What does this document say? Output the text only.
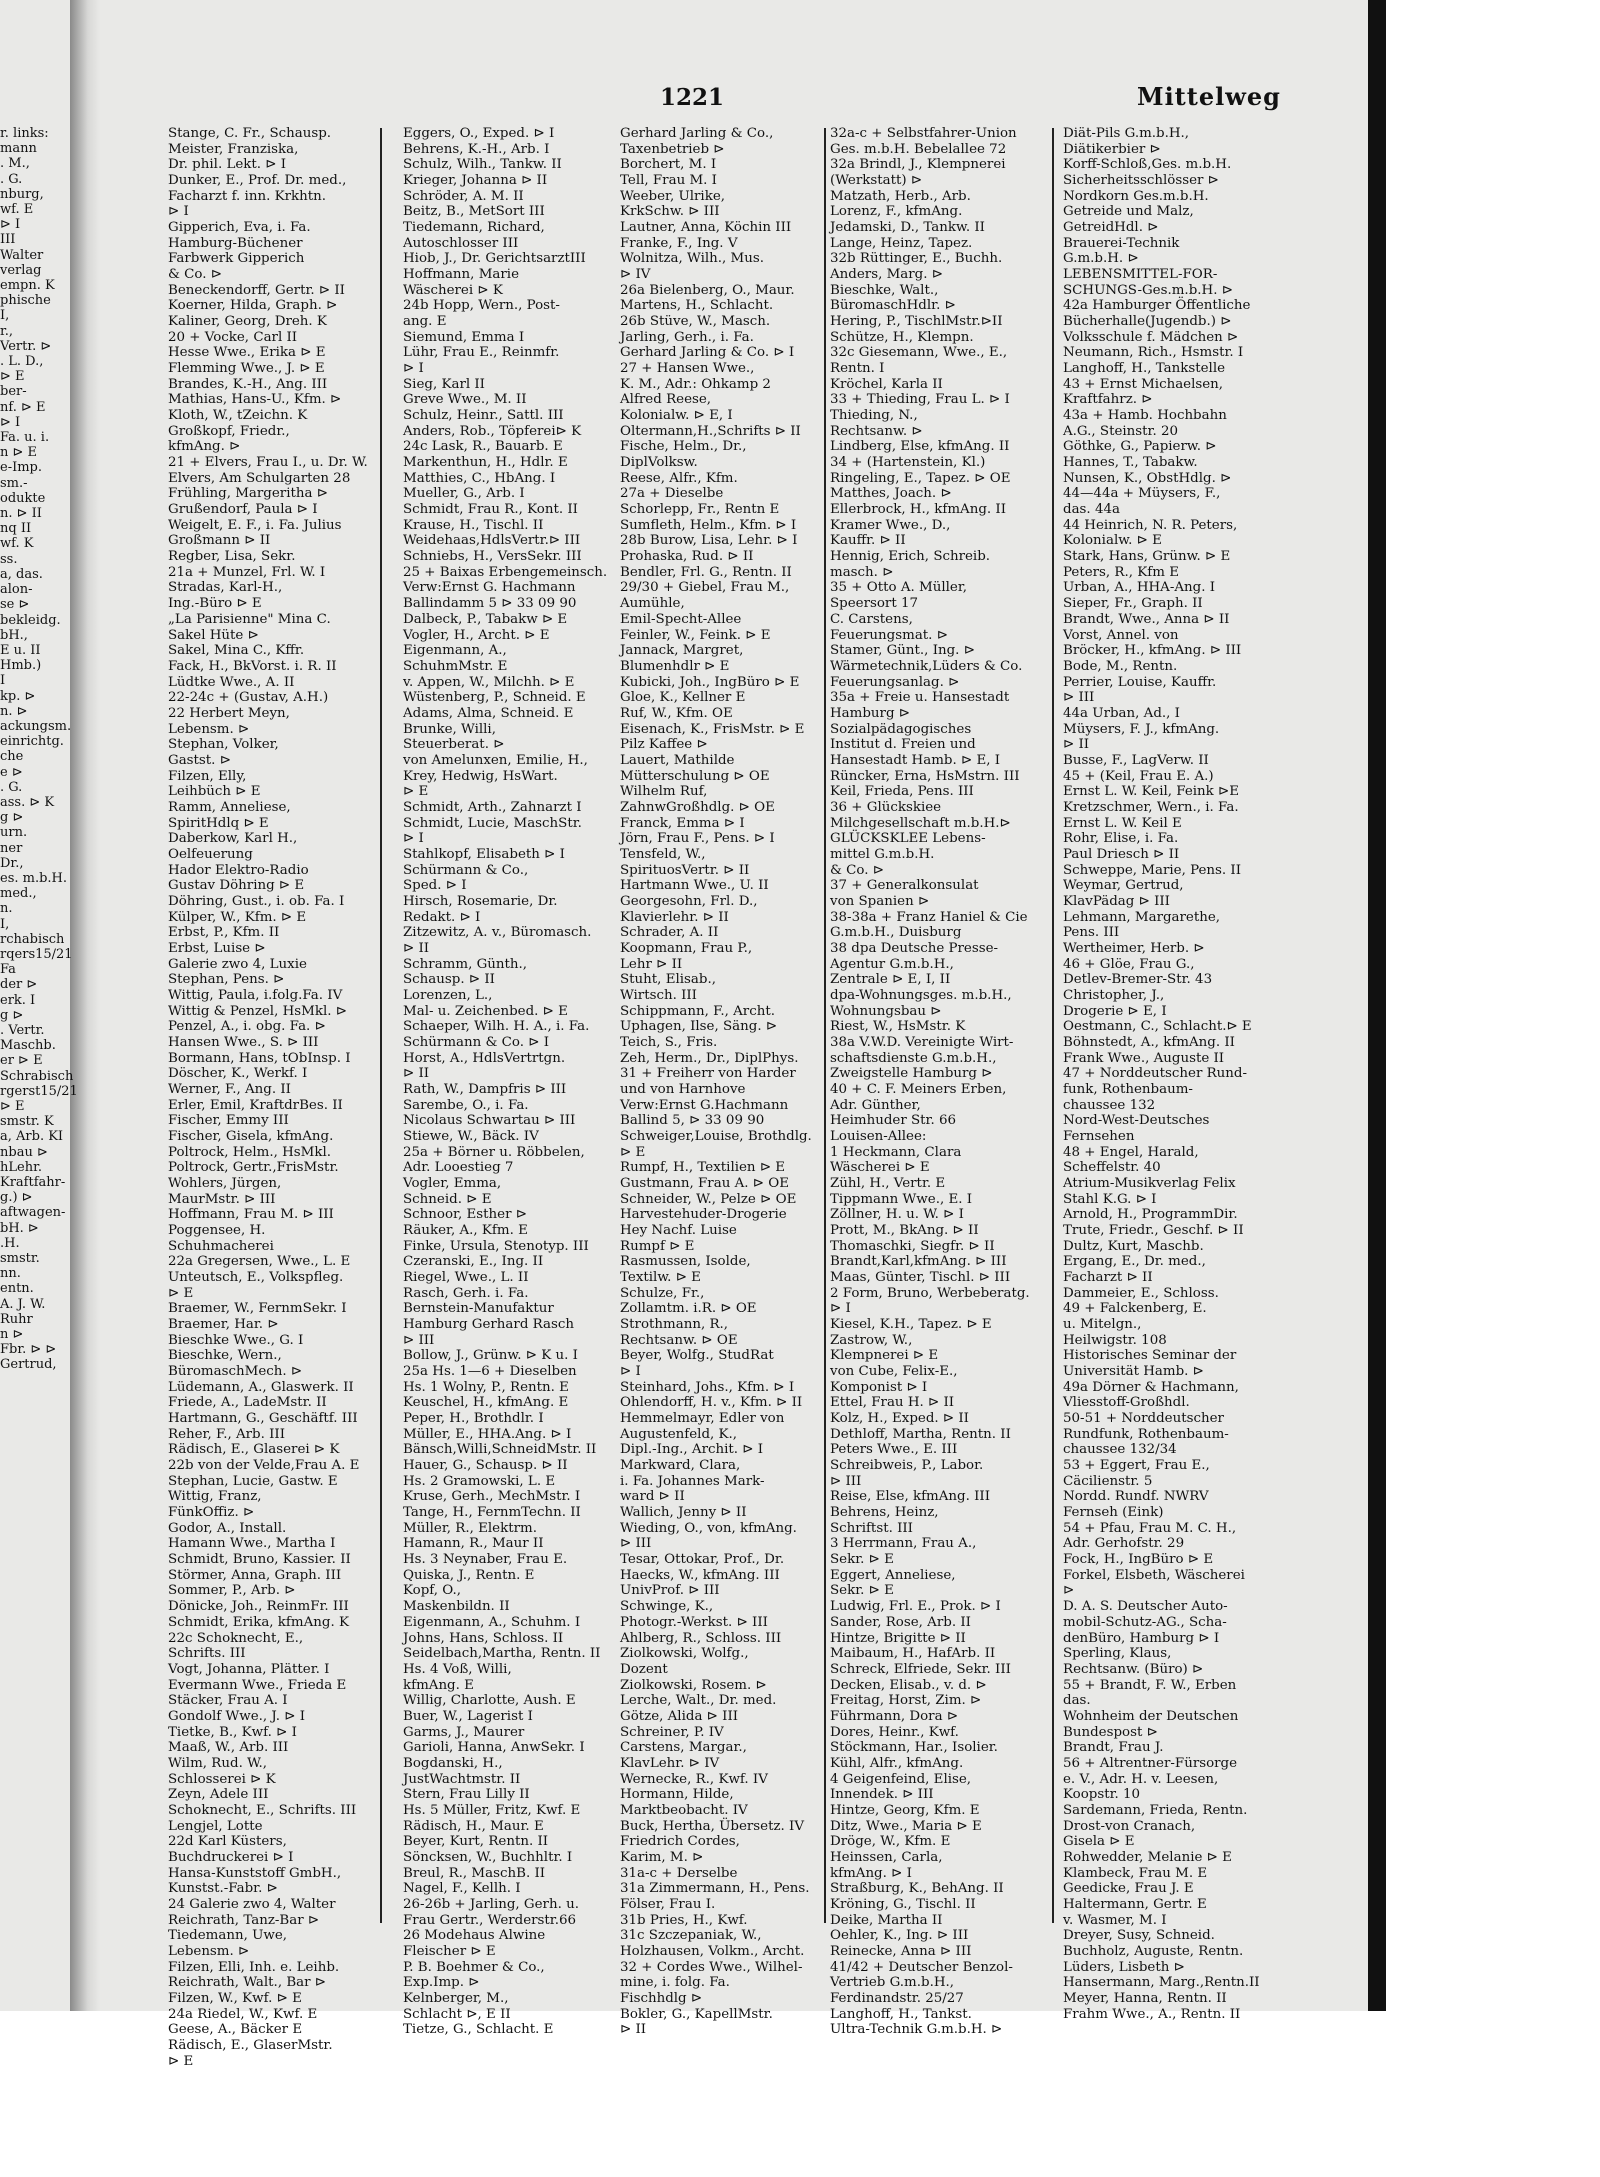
1221	Mittelweg
r. links:
mann
. M.,
. G.
nburg,
wf. E
⊳ I
III
Walter
verlag
empn. K
phische
I,
r.,
Vertr. ⊳
. L. D.,
⊳ E
ber-
nf. ⊳ E
⊳ I
Fa. u. i.
n ⊳ E
e-Imp.
sm.-
odukte
n. ⊳ II
nq II
wf. K
ss.
a, das.
alon-
se ⊳
bekleidg.
bH.,
E u. II
Hmb.)
I
kp. ⊳
n. ⊳
ackungsm.
einrichtg.
che
e ⊳
. G.
ass. ⊳ K
g ⊳
urn.
ner
Dr.,
es. m.b.H.
med.,
n.
I,
rchabisch
rqers15/21
Fa
der ⊳
erk. I
g ⊳
. Vertr.
Maschb.
er ⊳ E
Schrabisch
rgerst15/21
⊳ E
smstr. K
a, Arb. KI
nbau ⊳
hLehr.
Kraftfahr-
g.) ⊳
aftwagen-
bH. ⊳
.H.
smstr.
nn.
entn.
A. J. W.
Ruhr
n ⊳
Fbr. ⊳ ⊳
Gertrud,
Stange, C. Fr., Schausp.
Meister, Franziska,
Dr. phil. Lekt. ⊳ I
Dunker, E., Prof. Dr. med.,
Facharzt f. inn. Krkhtn.
⊳ I
Gipperich, Eva, i. Fa.
Hamburg-Büchener
Farbwerk Gipperich
& Co. ⊳
Beneckendorff, Gertr. ⊳ II
Koerner, Hilda, Graph. ⊳
Kaliner, Georg, Dreh. K
20 + Vocke, Carl II
Hesse Wwe., Erika ⊳ E
Flemming Wwe., J. ⊳ E
Brandes, K.-H., Ang. III
Mathias, Hans-U., Kfm. ⊳
Kloth, W., tZeichn. K
Großkopf, Friedr.,
kfmAng. ⊳
21 + Elvers, Frau I., u. Dr. W.
Elvers, Am Schulgarten 28
Frühling, Margeritha ⊳
Grußendorf, Paula ⊳ I
Weigelt, E. F., i. Fa. Julius
Großmann ⊳ II
Regber, Lisa, Sekr.
21a + Munzel, Frl. W. I
Stradas, Karl-H.,
Ing.-Büro ⊳ E
„La Parisienne" Mina C.
Sakel Hüte ⊳
Sakel, Mina C., Kffr.
Fack, H., BkVorst. i. R. II
Lüdtke Wwe., A. II
22-24c + (Gustav, A.H.)
22 Herbert Meyn,
Lebensm. ⊳
Stephan, Volker,
Gastst. ⊳
Filzen, Elly,
Leihbüch ⊳ E
Ramm, Anneliese,
SpiritHdlq ⊳ E
Daberkow, Karl H.,
Oelfeuerung
Hador Elektro-Radio
Gustav Döhring ⊳ E
Döhring, Gust., i. ob. Fa. I
Külper, W., Kfm. ⊳ E
Erbst, P., Kfm. II
Erbst, Luise ⊳
Galerie zwo 4, Luxie
Stephan, Pens. ⊳
Wittig, Paula, i.folg.Fa. IV
Wittig & Penzel, HsMkl. ⊳
Penzel, A., i. obg. Fa. ⊳
Hansen Wwe., S. ⊳ III
Bormann, Hans, tObInsp. I
Döscher, K., Werkf. I
Werner, F., Ang. II
Erler, Emil, KraftdrBes. II
Fischer, Emmy III
Fischer, Gisela, kfmAng.
Poltrock, Helm., HsMkl.
Poltrock, Gertr.,FrisMstr.
Wohlers, Jürgen,
MaurMstr. ⊳ III
Hoffmann, Frau M. ⊳ III
Poggensee, H.
Schuhmacherei
22a Gregersen, Wwe., L. E
Unteutsch, E., Volkspfleg.
⊳ E
Braemer, W., FernmSekr. I
Braemer, Har. ⊳
Bieschke Wwe., G. I
Bieschke, Wern.,
BüromaschMech. ⊳
Lüdemann, A., Glaswerk. II
Friede, A., LadeMstr. II
Hartmann, G., Geschäftf. III
Reher, F., Arb. III
Rädisch, E., Glaserei ⊳ K
22b von der Velde,Frau A. E
Stephan, Lucie, Gastw. E
Wittig, Franz,
FünkOffiz. ⊳
Godor, A., Install.
Hamann Wwe., Martha I
Schmidt, Bruno, Kassier. II
Störmer, Anna, Graph. III
Sommer, P., Arb. ⊳
Dönicke, Joh., ReinmFr. III
Schmidt, Erika, kfmAng. K
22c Schoknecht, E.,
Schrifts. III
Vogt, Johanna, Plätter. I
Evermann Wwe., Frieda E
Stäcker, Frau A. I
Gondolf Wwe., J. ⊳ I
Tietke, B., Kwf. ⊳ I
Maaß, W., Arb. III
Wilm, Rud. W.,
Schlosserei ⊳ K
Zeyn, Adele III
Schoknecht, E., Schrifts. III
Lengjel, Lotte
22d Karl Küsters,
Buchdruckerei ⊳ I
Hansa-Kunststoff GmbH.,
Kunstst.-Fabr. ⊳
24 Galerie zwo 4, Walter
Reichrath, Tanz-Bar ⊳
Tiedemann, Uwe,
Lebensm. ⊳
Filzen, Elli, Inh. e. Leihb.
Reichrath, Walt., Bar ⊳
Filzen, W., Kwf. ⊳ E
24a Riedel, W., Kwf. E
Geese, A., Bäcker E
Rädisch, E., GlaserMstr.
⊳ E
Eggers, O., Exped. ⊳ I
Behrens, K.-H., Arb. I
Schulz, Wilh., Tankw. II
Krieger, Johanna ⊳ II
Schröder, A. M. II
Beitz, B., MetSort III
Tiedemann, Richard,
Autoschlosser III
Hiob, J., Dr. GerichtsarztIII
Hoffmann, Marie
Wäscherei ⊳ K
24b Hopp, Wern., Post-
ang. E
Siemund, Emma I
Lühr, Frau E., Reinmfr.
⊳ I
Sieg, Karl II
Greve Wwe., M. II
Schulz, Heinr., Sattl. III
Anders, Rob., Töpferei⊳ K
24c Lask, R., Bauarb. E
Markenthun, H., Hdlr. E
Matthies, C., HbAng. I
Mueller, G., Arb. I
Schmidt, Frau R., Kont. II
Krause, H., Tischl. II
Weidehaas,HdlsVertr.⊳ III
Schniebs, H., VersSekr. III
25 + Baixas Erbengemeinsch.
Verw:Ernst G. Hachmann
Ballindamm 5 ⊳ 33 09 90
Dalbeck, P., Tabakw ⊳ E
Vogler, H., Archt. ⊳ E
Eigenmann, A.,
SchuhmMstr. E
v. Appen, W., Milchh. ⊳ E
Wüstenberg, P., Schneid. E
Adams, Alma, Schneid. E
Brunke, Willi,
Steuerberat. ⊳
von Amelunxen, Emilie, H.,
Krey, Hedwig, HsWart.
⊳ E
Schmidt, Arth., Zahnarzt I
Schmidt, Lucie, MaschStr.
⊳ I
Stahlkopf, Elisabeth ⊳ I
Schürmann & Co.,
Sped. ⊳ I
Hirsch, Rosemarie, Dr.
Redakt. ⊳ I
Zitzewitz, A. v., Büromasch.
⊳ II
Schramm, Günth.,
Schausp. ⊳ II
Lorenzen, L.,
Mal- u. Zeichenbed. ⊳ E
Schaeper, Wilh. H. A., i. Fa.
Schürmann & Co. ⊳ I
Horst, A., HdlsVertrtgn.
⊳ II
Rath, W., Dampfris ⊳ III
Sarembe, O., i. Fa.
Nicolaus Schwartau ⊳ III
Stiewe, W., Bäck. IV
25a + Börner u. Röbbelen,
Adr. Looestieg 7
Vogler, Emma,
Schneid. ⊳ E
Schnoor, Esther ⊳
Räuker, A., Kfm. E
Finke, Ursula, Stenotyp. III
Czeranski, E., Ing. II
Riegel, Wwe., L. II
Rasch, Gerh. i. Fa.
Bernstein-Manufaktur
Hamburg Gerhard Rasch
⊳ III
Bollow, J., Grünw. ⊳ K u. I
25a Hs. 1—6 + Dieselben
Hs. 1 Wolny, P., Rentn. E
Keuschel, H., kfmAng. E
Peper, H., Brothdlr. I
Müller, E., HHA.Ang. ⊳ I
Bänsch,Willi,SchneidMstr. II
Hauer, G., Schausp. ⊳ II
Hs. 2 Gramowski, L. E
Kruse, Gerh., MechMstr. I
Tange, H., FernmTechn. II
Müller, R., Elektrm.
Hamann, R., Maur II
Hs. 3 Neynaber, Frau E.
Quiska, J., Rentn. E
Kopf, O.,
Maskenbildn. II
Eigenmann, A., Schuhm. I
Johns, Hans, Schloss. II
Seidelbach,Martha, Rentn. II
Hs. 4 Voß, Willi,
kfmAng. E
Willig, Charlotte, Aush. E
Buer, W., Lagerist I
Garms, J., Maurer
Garioli, Hanna, AnwSekr. I
Bogdanski, H.,
JustWachtmstr. II
Stern, Frau Lilly II
Hs. 5 Müller, Fritz, Kwf. E
Rädisch, H., Maur. E
Beyer, Kurt, Rentn. II
Söncksen, W., Buchhltr. I
Breul, R., MaschB. II
Nagel, F., Kellh. I
26-26b + Jarling, Gerh. u.
Frau Gertr., Werderstr.66
26 Modehaus Alwine
Fleischer ⊳ E
P. B. Boehmer & Co.,
Exp.Imp. ⊳
Kelnberger, M.,
Schlacht ⊳, E II
Tietze, G., Schlacht. E
Gerhard Jarling & Co.,
Taxenbetrieb ⊳
Borchert, M. I
Tell, Frau M. I
Weeber, Ulrike,
KrkSchw. ⊳ III
Lautner, Anna, Köchin III
Franke, F., Ing. V
Wolnitza, Wilh., Mus.
⊳ IV
26a Bielenberg, O., Maur.
Martens, H., Schlacht.
26b Stüve, W., Masch.
Jarling, Gerh., i. Fa.
Gerhard Jarling & Co. ⊳ I
27 + Hansen Wwe.,
K. M., Adr.: Ohkamp 2
Alfred Reese,
Kolonialw. ⊳ E, I
Oltermann,H.,Schrifts ⊳ II
Fische, Helm., Dr.,
DiplVolksw.
Reese, Alfr., Kfm.
27a + Dieselbe
Schorlepp, Fr., Rentn E
Sumfleth, Helm., Kfm. ⊳ I
28b Burow, Lisa, Lehr. ⊳ I
Prohaska, Rud. ⊳ II
Bendler, Frl. G., Rentn. II
29/30 + Giebel, Frau M.,
Aumühle,
Emil-Specht-Allee
Feinler, W., Feink. ⊳ E
Jannack, Margret,
Blumenhdlr ⊳ E
Kubicki, Joh., IngBüro ⊳ E
Gloe, K., Kellner E
Ruf, W., Kfm. OE
Eisenach, K., FrisMstr. ⊳ E
Pilz Kaffee ⊳
Lauert, Mathilde
Mütterschulung ⊳ OE
Wilhelm Ruf,
ZahnwGroßhdlg. ⊳ OE
Franck, Emma ⊳ I
Jörn, Frau F., Pens. ⊳ I
Tensfeld, W.,
SpirituosVertr. ⊳ II
Hartmann Wwe., U. II
Georgesohn, Frl. D.,
Klavierlehr. ⊳ II
Schrader, A. II
Koopmann, Frau P.,
Lehr ⊳ II
Stuht, Elisab.,
Wirtsch. III
Schippmann, F., Archt.
Uphagen, Ilse, Säng. ⊳
Teich, S., Fris.
Zeh, Herm., Dr., DiplPhys.
31 + Freiherr von Harder
und von Harnhove
Verw:Ernst G.Hachmann
Ballind 5, ⊳ 33 09 90
Schweiger,Louise, Brothdlg.
⊳ E
Rumpf, H., Textilien ⊳ E
Gustmann, Frau A. ⊳ OE
Schneider, W., Pelze ⊳ OE
Harvestehuder-Drogerie
Hey Nachf. Luise
Rumpf ⊳ E
Rasmussen, Isolde,
Textilw. ⊳ E
Schulze, Fr.,
Zollamtm. i.R. ⊳ OE
Strothmann, R.,
Rechtsanw. ⊳ OE
Beyer, Wolfg., StudRat
⊳ I
Steinhard, Johs., Kfm. ⊳ I
Ohlendorff, H. v., Kfm. ⊳ II
Hemmelmayr, Edler von
Augustenfeld, K.,
Dipl.-Ing., Archit. ⊳ I
Markward, Clara,
i. Fa. Johannes Mark-
ward ⊳ II
Wallich, Jenny ⊳ II
Wieding, O., von, kfmAng.
⊳ III
Tesar, Ottokar, Prof., Dr.
Haecks, W., kfmAng. III
UnivProf. ⊳ III
Schwinge, K.,
Photogr.-Werkst. ⊳ III
Ahlberg, R., Schloss. III
Ziolkowski, Wolfg.,
Dozent
Ziolkowski, Rosem. ⊳
Lerche, Walt., Dr. med.
Götze, Alida ⊳ III
Schreiner, P. IV
Carstens, Margar.,
KlavLehr. ⊳ IV
Wernecke, R., Kwf. IV
Hormann, Hilde,
Marktbeobacht. IV
Buck, Hertha, Übersetz. IV
Friedrich Cordes,
Karim, M. ⊳
31a-c + Derselbe
31a Zimmermann, H., Pens.
Fölser, Frau I.
31b Pries, H., Kwf.
31c Szczepaniak, W.,
Holzhausen, Volkm., Archt.
32 + Cordes Wwe., Wilhel-
mine, i. folg. Fa.
Fischhdlg ⊳
Bokler, G., KapellMstr.
⊳ II
32a-c + Selbstfahrer-Union
Ges. m.b.H. Bebelallee 72
32a Brindl, J., Klempnerei
(Werkstatt) ⊳
Matzath, Herb., Arb.
Lorenz, F., kfmAng.
Jedamski, D., Tankw. II
Lange, Heinz, Tapez.
32b Rüttinger, E., Buchh.
Anders, Marg. ⊳
Bieschke, Walt.,
BüromaschHdlr. ⊳
Hering, P., TischlMstr.⊳II
Schütze, H., Klempn.
32c Giesemann, Wwe., E.,
Rentn. I
Kröchel, Karla II
33 + Thieding, Frau L. ⊳ I
Thieding, N.,
Rechtsanw. ⊳
Lindberg, Else, kfmAng. II
34 + (Hartenstein, Kl.)
Ringeling, E., Tapez. ⊳ OE
Matthes, Joach. ⊳
Ellerbrock, H., kfmAng. II
Kramer Wwe., D.,
Kauffr. ⊳ II
Hennig, Erich, Schreib.
masch. ⊳
35 + Otto A. Müller,
Speersort 17
C. Carstens,
Feuerungsmat. ⊳
Stamer, Günt., Ing. ⊳
Wärmetechnik,Lüders & Co.
Feuerungsanlag. ⊳
35a + Freie u. Hansestadt
Hamburg ⊳
Sozialpädagogisches
Institut d. Freien und
Hansestadt Hamb. ⊳ E, I
Rüncker, Erna, HsMstrn. III
Keil, Frieda, Pens. III
36 + Glückskiee
Milchgesellschaft m.b.H.⊳
GLÜCKSKLEE Lebens-
mittel G.m.b.H.
& Co. ⊳
37 + Generalkonsulat
von Spanien ⊳
38-38a + Franz Haniel & Cie
G.m.b.H., Duisburg
38 dpa Deutsche Presse-
Agentur G.m.b.H.,
Zentrale ⊳ E, I, II
dpa-Wohnungsges. m.b.H.,
Wohnungsbau ⊳
Riest, W., HsMstr. K
38a V.W.D. Vereinigte Wirt-
schaftsdienste G.m.b.H.,
Zweigstelle Hamburg ⊳
40 + C. F. Meiners Erben,
Adr. Günther,
Heimhuder Str. 66
Louisen-Allee:
1 Heckmann, Clara
Wäscherei ⊳ E
Zühl, H., Vertr. E
Tippmann Wwe., E. I
Zöllner, H. u. W. ⊳ I
Prott, M., BkAng. ⊳ II
Thomaschki, Siegfr. ⊳ II
Brandt,Karl,kfmAng. ⊳ III
Maas, Günter, Tischl. ⊳ III
2 Form, Bruno, Werbeberatg.
⊳ I
Kiesel, K.H., Tapez. ⊳ E
Zastrow, W.,
Klempnerei ⊳ E
von Cube, Felix-E.,
Komponist ⊳ I
Ettel, Frau H. ⊳ II
Kolz, H., Exped. ⊳ II
Dethloff, Martha, Rentn. II
Peters Wwe., E. III
Schreibweis, P., Labor.
⊳ III
Reise, Else, kfmAng. III
Behrens, Heinz,
Schriftst. III
3 Herrmann, Frau A.,
Sekr. ⊳ E
Eggert, Anneliese,
Sekr. ⊳ E
Ludwig, Frl. E., Prok. ⊳ I
Sander, Rose, Arb. II
Hintze, Brigitte ⊳ II
Maibaum, H., HafArb. II
Schreck, Elfriede, Sekr. III
Decken, Elisab., v. d. ⊳
Freitag, Horst, Zim. ⊳
Führmann, Dora ⊳
Dores, Heinr., Kwf.
Stöckmann, Har., Isolier.
Kühl, Alfr., kfmAng.
4 Geigenfeind, Elise,
Innendek. ⊳ III
Hintze, Georg, Kfm. E
Ditz, Wwe., Maria ⊳ E
Dröge, W., Kfm. E
Heinssen, Carla,
kfmAng. ⊳ I
Straßburg, K., BehAng. II
Kröning, G., Tischl. II
Deike, Martha II
Oehler, K., Ing. ⊳ III
Reinecke, Anna ⊳ III
41/42 + Deutscher Benzol-
Vertrieb G.m.b.H.,
Ferdinandstr. 25/27
Langhoff, H., Tankst.
Ultra-Technik G.m.b.H. ⊳
Diät-Pils G.m.b.H.,
Diätikerbier ⊳
Korff-Schloß,Ges. m.b.H.
Sicherheitsschlösser ⊳
Nordkorn Ges.m.b.H.
Getreide und Malz,
GetreidHdl. ⊳
Brauerei-Technik
G.m.b.H. ⊳
LEBENSMITTEL-FOR-
SCHUNGS-Ges.m.b.H. ⊳
42a Hamburger Öffentliche
Bücherhalle(Jugendb.) ⊳
Volksschule f. Mädchen ⊳
Neumann, Rich., Hsmstr. I
Langhoff, H., Tankstelle
43 + Ernst Michaelsen,
Kraftfahrz. ⊳
43a + Hamb. Hochbahn
A.G., Steinstr. 20
Göthke, G., Papierw. ⊳
Hannes, T., Tabakw.
Nunsen, K., ObstHdlg. ⊳
44—44a + Müysers, F.,
das. 44a
44 Heinrich, N. R. Peters,
Kolonialw. ⊳ E
Stark, Hans, Grünw. ⊳ E
Peters, R., Kfm E
Urban, A., HHA-Ang. I
Sieper, Fr., Graph. II
Brandt, Wwe., Anna ⊳ II
Vorst, Annel. von
Bröcker, H., kfmAng. ⊳ III
Bode, M., Rentn.
Perrier, Louise, Kauffr.
⊳ III
44a Urban, Ad., I
Müysers, F. J., kfmAng.
⊳ II
Busse, F., LagVerw. II
45 + (Keil, Frau E. A.)
Ernst L. W. Keil, Feink ⊳E
Kretzschmer, Wern., i. Fa.
Ernst L. W. Keil E
Rohr, Elise, i. Fa.
Paul Driesch ⊳ II
Schweppe, Marie, Pens. II
Weymar, Gertrud,
KlavPädag ⊳ III
Lehmann, Margarethe,
Pens. III
Wertheimer, Herb. ⊳
46 + Glöe, Frau G.,
Detlev-Bremer-Str. 43
Christopher, J.,
Drogerie ⊳ E, I
Oestmann, C., Schlacht.⊳ E
Böhnstedt, A., kfmAng. II
Frank Wwe., Auguste II
47 + Norddeutscher Rund-
funk, Rothenbaum-
chaussee 132
Nord-West-Deutsches
Fernsehen
48 + Engel, Harald,
Scheffelstr. 40
Atrium-Musikverlag Felix
Stahl K.G. ⊳ I
Arnold, H., ProgrammDir.
Trute, Friedr., Geschf. ⊳ II
Dultz, Kurt, Maschb.
Ergang, E., Dr. med.,
Facharzt ⊳ II
Dammeier, E., Schloss.
49 + Falckenberg, E.
u. Mitelgn.,
Heilwigstr. 108
Historisches Seminar der
Universität Hamb. ⊳
49a Dörner & Hachmann,
Vliesstoff-Großhdl.
50-51 + Norddeutscher
Rundfunk, Rothenbaum-
chaussee 132/34
53 + Eggert, Frau E.,
Cäcilienstr. 5
Nordd. Rundf. NWRV
Fernseh (Eink)
54 + Pfau, Frau M. C. H.,
Adr. Gerhofstr. 29
Fock, H., IngBüro ⊳ E
Forkel, Elsbeth, Wäscherei
⊳
D. A. S. Deutscher Auto-
mobil-Schutz-AG., Scha-
denBüro, Hamburg ⊳ I
Sperling, Klaus,
Rechtsanw. (Büro) ⊳
55 + Brandt, F. W., Erben
das.
Wohnheim der Deutschen
Bundespost ⊳
Brandt, Frau J.
56 + Altrentner-Fürsorge
e. V., Adr. H. v. Leesen,
Koopstr. 10
Sardemann, Frieda, Rentn.
Drost-von Cranach,
Gisela ⊳ E
Rohwedder, Melanie ⊳ E
Klambeck, Frau M. E
Geedicke, Frau J. E
Haltermann, Gertr. E
v. Wasmer, M. I
Dreyer, Susy, Schneid.
Buchholz, Auguste, Rentn.
Lüders, Lisbeth ⊳
Hansermann, Marg.,Rentn.II
Meyer, Hanna, Rentn. II
Frahm Wwe., A., Rentn. II
